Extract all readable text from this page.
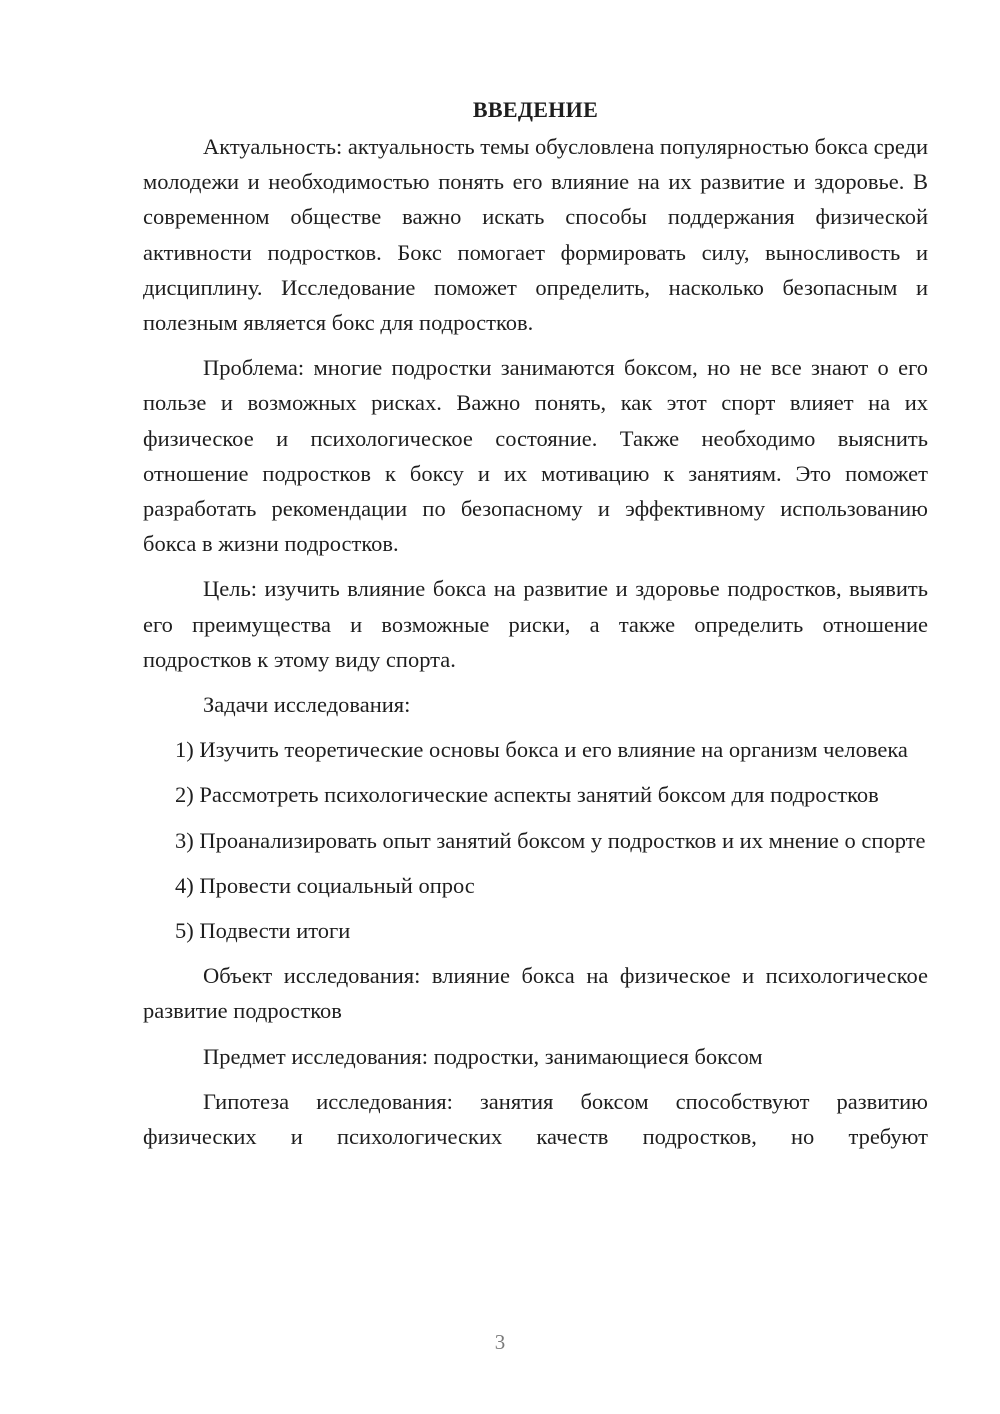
ВВЕДЕНИЕ

Актуальность: актуальность темы обусловлена популярностью бокса среди молодежи и необходимостью понять его влияние на их развитие и здоровье. В современном обществе важно искать способы поддержания физической активности подростков. Бокс помогает формировать силу, выносливость и дисциплину. Исследование поможет определить, насколько безопасным и полезным является бокс для подростков.

Проблема: многие подростки занимаются боксом, но не все знают о его пользе и возможных рисках. Важно понять, как этот спорт влияет на их физическое и психологическое состояние. Также необходимо выяснить отношение подростков к боксу и их мотивацию к занятиям. Это поможет разработать рекомендации по безопасному и эффективному использованию бокса в жизни подростков.

Цель: изучить влияние бокса на развитие и здоровье подростков, выявить его преимущества и возможные риски, а также определить отношение подростков к этому виду спорта.

Задачи исследования:

1) Изучить теоретические основы бокса и его влияние на организм человека

2) Рассмотреть психологические аспекты занятий боксом для подростков

3) Проанализировать опыт занятий боксом у подростков и их мнение о спорте

4) Провести социальный опрос

5) Подвести итоги

Объект исследования: влияние бокса на физическое и психологическое развитие подростков

Предмет исследования: подростки, занимающиеся боксом

Гипотеза исследования: занятия боксом способствуют развитию физических и психологических качеств подростков, но требуют

3
